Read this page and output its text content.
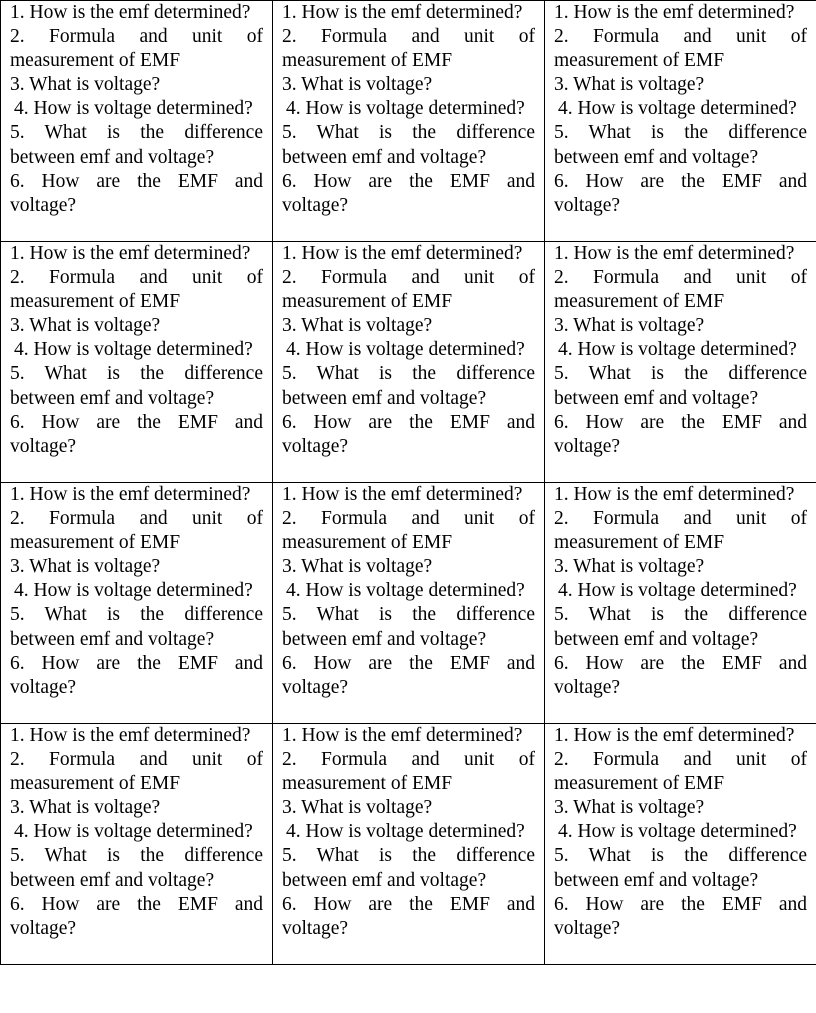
1. How is the emf determined?

2. Formula and unit of measurement of EMF

3. What is voltage?

4. How is voltage determined?

5. What is the difference between emf and voltage?

6. How are the EMF and voltage?

1. How is the emf determined?

2. Formula and unit of measurement of EMF

3. What is voltage?

4. How is voltage determined?

5. What is the difference between emf and voltage?

6. How are the EMF and voltage?

1. How is the emf determined?

2. Formula and unit of measurement of EMF

3. What is voltage?

4. How is voltage determined?

5. What is the difference between emf and voltage?

6. How are the EMF and voltage?

1. How is the emf determined?

2. Formula and unit of measurement of EMF

3. What is voltage?

4. How is voltage determined?

5. What is the difference between emf and voltage?

6. How are the EMF and voltage?

1. How is the emf determined?

2. Formula and unit of measurement of EMF

3. What is voltage?

4. How is voltage determined?

5. What is the difference between emf and voltage?

6. How are the EMF and voltage?

1. How is the emf determined?

2. Formula and unit of measurement of EMF

3. What is voltage?

4. How is voltage determined?

5. What is the difference between emf and voltage?

6. How are the EMF and voltage?

1. How is the emf determined?

2. Formula and unit of measurement of EMF

3. What is voltage?

4. How is voltage determined?

5. What is the difference between emf and voltage?

6. How are the EMF and voltage?

1. How is the emf determined?

2. Formula and unit of measurement of EMF

3. What is voltage?

4. How is voltage determined?

5. What is the difference between emf and voltage?

6. How are the EMF and voltage?

1. How is the emf determined?

2. Formula and unit of measurement of EMF

3. What is voltage?

4. How is voltage determined?

5. What is the difference between emf and voltage?

6. How are the EMF and voltage?

1. How is the emf determined?

2. Formula and unit of measurement of EMF

3. What is voltage?

4. How is voltage determined?

5. What is the difference between emf and voltage?

6. How are the EMF and voltage?

1. How is the emf determined?

2. Formula and unit of measurement of EMF

3. What is voltage?

4. How is voltage determined?

5. What is the difference between emf and voltage?

6. How are the EMF and voltage?

1. How is the emf determined?

2. Formula and unit of measurement of EMF

3. What is voltage?

4. How is voltage determined?

5. What is the difference between emf and voltage?

6. How are the EMF and voltage?
